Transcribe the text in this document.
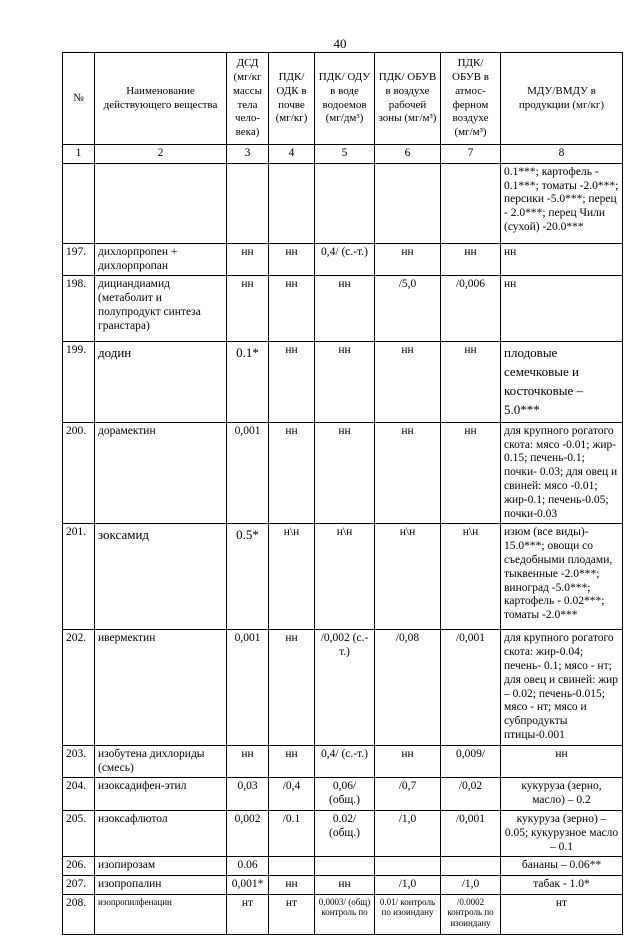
40
№	Наименование действующего вещества	ДСД (мг/кг массы тела чело-века)	ПДК/ ОДК в почве (мг/кг)	ПДК/ ОДУ в воде водоемов (мг/дм³)	ПДК/ ОБУВ в воздухе рабочей зоны (мг/м³)	ПДК/ ОБУВ в атмос-ферном воздухе (мг/м³)	МДУ/ВМДУ в продукции (мг/кг)
1	2	3	4	5	6	7	8
							0.1***; картофель - 0.1***; томаты -2.0***; персики -5.0***; перец - 2.0***; перец Чили (сухой) -20.0***
197.	дихлорпропен + дихлорпропан	нн	нн	0,4/ (с.-т.)	нн	нн	нн
198.	дициандиамид (метаболит и полупродукт синтеза гранстара)	нн	нн	нн	/5,0	/0,006	нн
199.	додин	0.1*	нн	нн	нн	нн	плодовые семечковые и косточковые – 5.0***
200.	дорамектин	0,001	нн	нн	нн	нн	для крупного рогатого скота: мясо -0.01; жир- 0.15; печень-0.1; почки- 0.03; для овец и свиней: мясо -0.01; жир-0.1; печень-0.05; почки-0.03
201.	зоксамид	0.5*	н\н	н\н	н\н	н\н	изюм (все виды)- 15.0***; овощи со съедобными плодами, тыквенные -2.0***; виноград -5.0***; картофель - 0.02***; томаты -2.0***
202.	ивермектин	0,001	нн	/0,002 (с.-т.)	/0,08	/0,001	для крупного рогатого скота: жир-0.04; печень- 0.1; мясо - нт; для овец и свиней: жир – 0.02; печень-0.015; мясо - нт; мясо и субпродукты птицы-0.001
203.	изобутена дихлориды (смесь)	нн	нн	0,4/ (с.-т.)	нн	0,009/	нн
204.	изоксадифен-этил	0,03	/0,4	0,06/ (общ.)	/0,7	/0,02	кукуруза (зерно, масло) – 0.2
205.	изоксафлютол	0,002	/0.1	0.02/ (общ.)	/1,0	/0,001	кукуруза (зерно) – 0.05; кукурузное масло – 0.1
206.	изопирозам	0.06					бананы – 0.06**
207.	изопропалин	0,001*	нн	нн	/1,0	/1,0	табак - 1.0*
208.	изопропилфенацин	нт	нт	0,0003/ (общ) контроль по	0.01/ контроль по изоиндану	/0.0002 контроль по изоиндану	нт
